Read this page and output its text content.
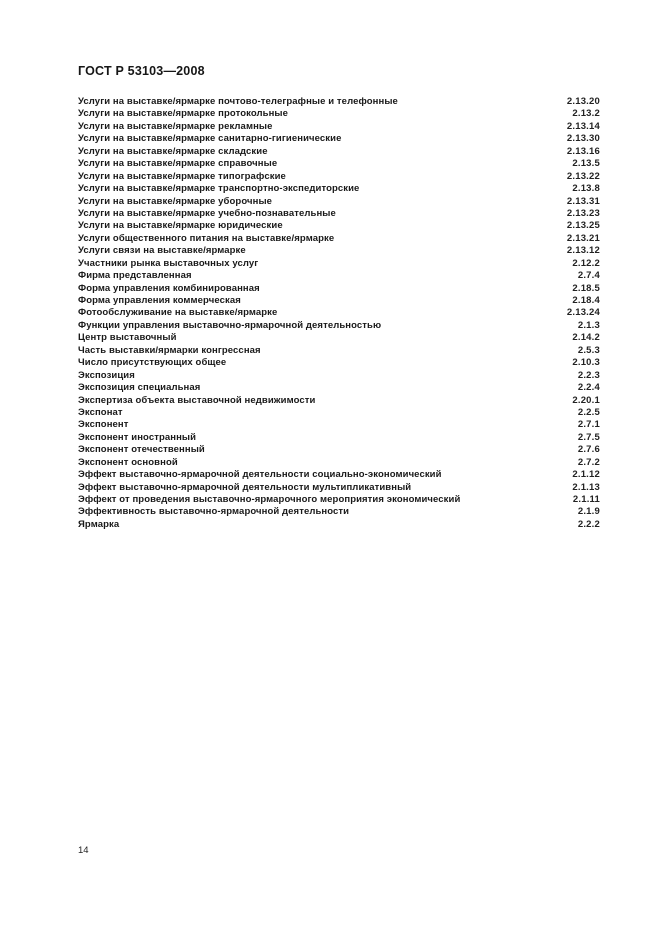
ГОСТ Р 53103—2008
Услуги на выставке/ярмарке почтово-телеграфные и телефонные	2.13.20
Услуги на выставке/ярмарке протокольные	2.13.2
Услуги на выставке/ярмарке рекламные	2.13.14
Услуги на выставке/ярмарке санитарно-гигиенические	2.13.30
Услуги на выставке/ярмарке складские	2.13.16
Услуги на выставке/ярмарке справочные	2.13.5
Услуги на выставке/ярмарке типографские	2.13.22
Услуги на выставке/ярмарке транспортно-экспедиторские	2.13.8
Услуги на выставке/ярмарке уборочные	2.13.31
Услуги на выставке/ярмарке учебно-познавательные	2.13.23
Услуги на выставке/ярмарке юридические	2.13.25
Услуги общественного питания на выставке/ярмарке	2.13.21
Услуги связи на выставке/ярмарке	2.13.12
Участники рынка выставочных услуг	2.12.2
Фирма представленная	2.7.4
Форма управления комбинированная	2.18.5
Форма управления коммерческая	2.18.4
Фотообслуживание на выставке/ярмарке	2.13.24
Функции управления выставочно-ярмарочной деятельностью	2.1.3
Центр выставочный	2.14.2
Часть выставки/ярмарки конгрессная	2.5.3
Число присутствующих общее	2.10.3
Экспозиция	2.2.3
Экспозиция специальная	2.2.4
Экспертиза объекта выставочной недвижимости	2.20.1
Экспонат	2.2.5
Экспонент	2.7.1
Экспонент иностранный	2.7.5
Экспонент отечественный	2.7.6
Экспонент основной	2.7.2
Эффект выставочно-ярмарочной деятельности социально-экономический	2.1.12
Эффект выставочно-ярмарочной деятельности мультипликативный	2.1.13
Эффект от проведения выставочно-ярмарочного мероприятия экономический	2.1.11
Эффективность выставочно-ярмарочной деятельности	2.1.9
Ярмарка	2.2.2
14
